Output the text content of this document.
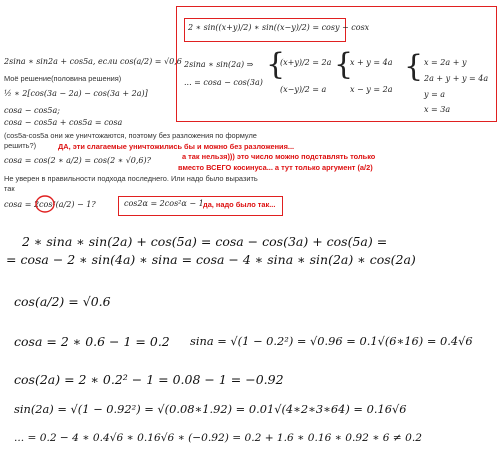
2sina ∗ sin2a + cos5a, если cos(a/2) = √0,6
Моё решение(половина решения)
½ ∗ 2[cos(3a − 2a) − cos(3a + 2a)]
cosa − cos5a;
cosa − cos5a + cos5a = cosa
(cos5a-cos5a они же уничтожаются, поэтому без разложения по формуле
решить?)	ДА, эти слагаемые уничтожились бы и можно без разложения...
cosa = cos(2 ∗ a/2) = cos(2 ∗ √0,6)?	а так нельзя))) это число можно подставлять только
вместо ВСЕГО косинуса... а тут только аргумент (a/2)
Не уверен в правильности подхода последнего. Или надо было выразить
так
cosa = 2cos²(a/2) − 1?	cos2α = 2cos²α − 1 да, надо было так...
2 ∗ sin((x+y)/2) ∗ sin((x−y)/2) = cosy − cosx
2sina ∗ sin(2a) ⇒
... = cosa − cos(3a)
{
(x+y)/2 = 2a
(x−y)/2 = a
{
x + y = 4a
x − y = 2a
{ x = 2a + y
2a + y + y = 4a
y = a
x = 3a
2 ∗ sina ∗ sin(2a) + cos(5a) = cosa − cos(3a) + cos(5a) =
= cosa − 2 ∗ sin(4a) ∗ sina = cosa − 4 ∗ sina ∗ sin(2a) ∗ cos(2a)
cos(a/2) = √0.6
cosa = 2 ∗ 0.6 − 1 = 0.2 sina = √(1 − 0.2²) = √0.96 = 0.1√(6∗16) = 0.4√6
cos(2a) = 2 ∗ 0.2² − 1 = 0.08 − 1 = −0.92
sin(2a) = √(1 − 0.92²) = √(0.08∗1.92) = 0.01√(4∗2∗3∗64) = 0.16√6
... = 0.2 − 4 ∗ 0.4√6 ∗ 0.16√6 ∗ (−0.92) = 0.2 + 1.6 ∗ 0.16 ∗ 0.92 ∗ 6 ≠ 0.2
